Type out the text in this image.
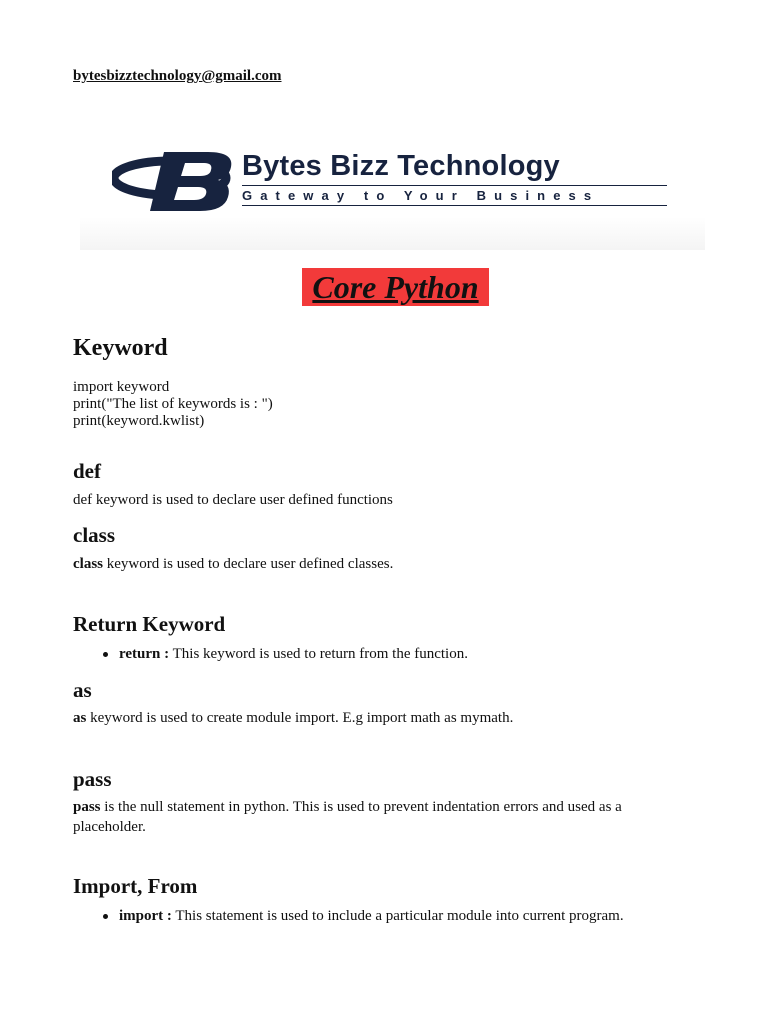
bytesbizztechnology@gmail.com
Bytes Bizz Technology
Gateway to Your Business
Core Python
Keyword
import keyword
print("The list of keywords is : ")
print(keyword.kwlist)
def
def keyword is used to declare user defined functions
class
class keyword is used to declare user defined classes.
Return Keyword
return : This keyword is used to return from the function.
as
as keyword is used to create module import. E.g import math as mymath.
pass
pass is the null statement in python. This is used to prevent indentation errors and used as a
placeholder.
Import, From
import : This statement is used to include a particular module into current program.
